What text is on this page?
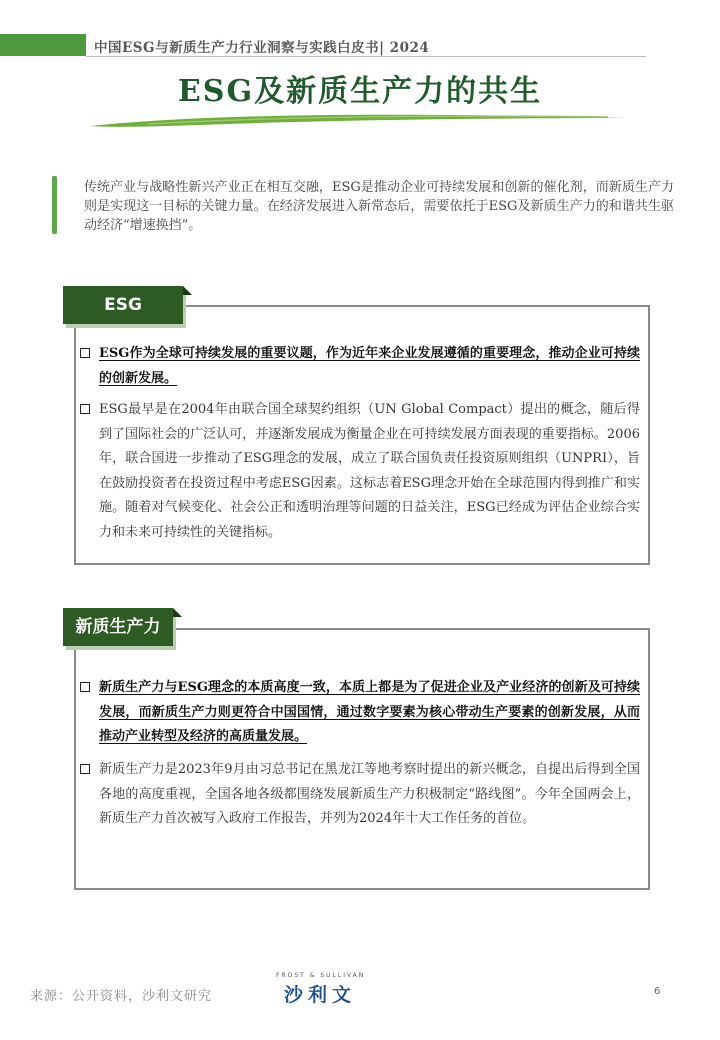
中国ESG与新质生产力行业洞察与实践白皮书| 2024
ESG及新质生产力的共生
传统产业与战略性新兴产业正在相互交融，ESG是推动企业可持续发展和创新的催化剂，而新质生产力则是实现这一目标的关键力量。在经济发展进入新常态后，需要依托于ESG及新质生产力的和谐共生驱动经济“增速换挡”。
ESG
ESG作为全球可持续发展的重要议题，作为近年来企业发展遵循的重要理念，推动企业可持续的创新发展。
ESG最早是在2004年由联合国全球契约组织（UN Global Compact）提出的概念，随后得到了国际社会的广泛认可，并逐渐发展成为衡量企业在可持续发展方面表现的重要指标。2006年，联合国进一步推动了ESG理念的发展，成立了联合国负责任投资原则组织（UNPRI），旨在鼓励投资者在投资过程中考虑ESG因素。这标志着ESG理念开始在全球范围内得到推广和实施。随着对气候变化、社会公正和透明治理等问题的日益关注，ESG已经成为评估企业综合实力和未来可持续性的关键指标。
新质生产力
新质生产力与ESG理念的本质高度一致，本质上都是为了促进企业及产业经济的创新及可持续发展，而新质生产力则更符合中国国情，通过数字要素为核心带动生产要素的创新发展，从而推动产业转型及经济的高质量发展。
新质生产力是2023年9月由习总书记在黑龙江等地考察时提出的新兴概念，自提出后得到全国各地的高度重视，全国各地各级都围绕发展新质生产力积极制定“路线图”。今年全国两会上，新质生产力首次被写入政府工作报告，并列为2024年十大工作任务的首位。
来源：公开资料，沙利文研究
FROST & SULLIVAN
沙利文	6
